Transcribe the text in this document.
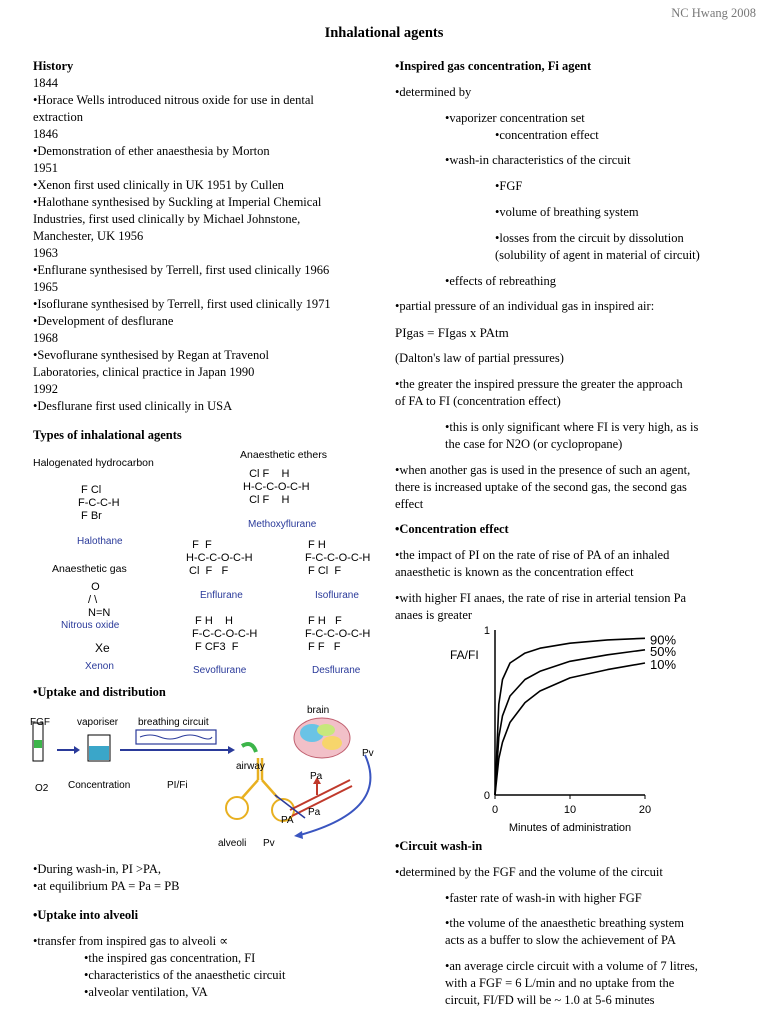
NC Hwang 2008
Inhalational agents
History
1844
•Horace Wells introduced nitrous oxide for use in dental
extraction
1846
•Demonstration of ether anaesthesia by Morton
1951
•Xenon first used clinically in UK 1951 by Cullen
•Halothane synthesised by Suckling at Imperial Chemical
Industries, first used clinically by Michael Johnstone,
Manchester, UK 1956
1963
•Enflurane synthesised by Terrell, first used clinically 1966
1965
•Isoflurane synthesised by Terrell, first used clinically 1971
•Development of desflurane
1968
•Sevoflurane synthesised by Regan at Travenol
Laboratories, clinical practice in Japan 1990
1992
•Desflurane first used clinically in USA
Types of inhalational agents
Halogenated hydrocarbon
Anaesthetic ethers
F Cl
F-C-C-H
F Br
Halothane
Cl F    H
H-C-C-O-C-H
Cl F    H
Methoxyflurane
Anaesthetic gas
F  F
H-C-C-O-C-H
Cl  F   F
Enflurane
F H
F-C-C-O-C-H
F Cl  F
Isoflurane
O
/ \
N=N
Nitrous oxide	F H    H
F-C-C-O-C-H
F CF3  F
Sevoflurane
F H   F
F-C-C-O-C-H
F F   F
Desflurane
Xe
Xenon
•Uptake and distribution
FGF	vaporiser breathing circuit
brain
airway
O2 Concentration	PI/Fi
alveoli
PA
Pv
Pa
Pa
Pv
•During wash-in, PI >PA,
•at equilibrium PA = Pa = PB
•Uptake into alveoli
•transfer from inspired gas to alveoli ∝
•the inspired gas concentration, FI
•characteristics of the anaesthetic circuit
•alveolar ventilation, VA
•Inspired gas concentration, Fi agent
•determined by
•vaporizer concentration set
•concentration effect
•wash-in characteristics of the circuit
•FGF
•volume of breathing system
•losses from the circuit by dissolution
(solubility of agent in material of circuit)
•effects of rebreathing
•partial pressure of an individual gas in inspired air:
PIgas = FIgas x PAtm
(Dalton's law of partial pressures)
•the greater the inspired pressure the greater the approach
of FA to FI (concentration effect)
•this is only significant where FI is very high, as is
the case for N2O (or cyclopropane)
•when another gas is used in the presence of such an agent,
there is increased uptake of the second gas, the second gas
effect
•Concentration effect
•the impact of PI on the rate of rise of PA of an inhaled
anaesthetic is known as the concentration effect
•with higher FI anaes, the rate of rise in arterial tension Pa
anaes is greater
0	10	20
0
1
FA/FI
Minutes of administration
90%
50%
10%
•Circuit wash-in
•determined by the FGF and the volume of the circuit
•faster rate of wash-in with higher FGF
•the volume of the anaesthetic breathing system
acts as a buffer to slow the achievement of PA
•an average circle circuit with a volume of 7 litres,
with a FGF = 6 L/min and no uptake from the
circuit, FI/FD will be ~ 1.0 at 5-6 minutes
